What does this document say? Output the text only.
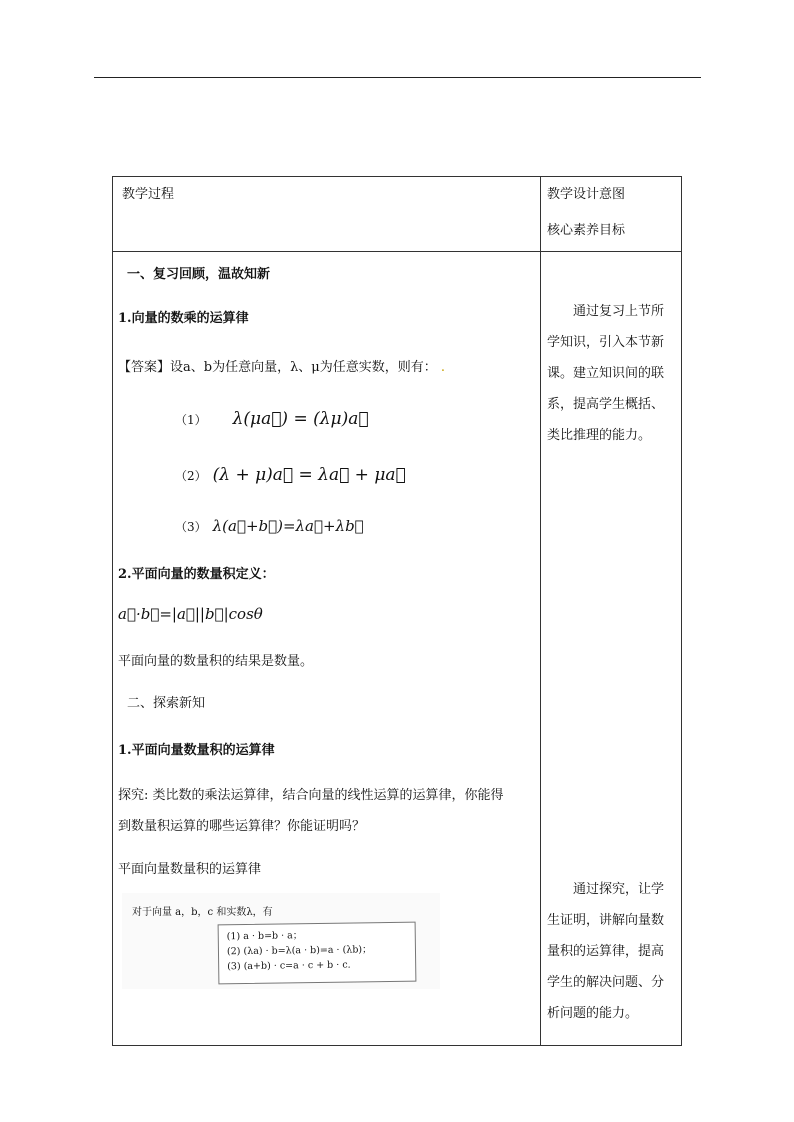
教学过程	教学设计意图
核心素养目标
一、复习回顾，温故知新
1.向量的数乘的运算律
【答案】设a、b为任意向量，λ、μ为任意实数，则有： .
（1） λ(μa⃗) = (λμ)a⃗
（2） (λ + μ)a⃗ = λa⃗ + μa⃗
（3） λ(a⃗+b⃗)=λa⃗+λb⃗
2.平面向量的数量积定义：
a⃗·b⃗=|a⃗||b⃗|cosθ
平面向量的数量积的结果是数量。
二、探索新知
1.平面向量数量积的运算律
探究: 类比数的乘法运算律，结合向量的线性运算的运算律，你能得
到数量积运算的哪些运算律？你能证明吗？
平面向量数量积的运算律
对于向量 a，b，c 和实数λ，有
(1) a · b=b · a；
(2) (λa) · b=λ(a · b)=a · (λb)；
(3) (a+b) · c=a · c + b · c.
通过复习上节所学知识，引入本节新课。建立知识间的联系，提高学生概括、类比推理的能力。
通过探究，让学生证明，讲解向量数量积的运算律，提高学生的解决问题、分析问题的能力。
